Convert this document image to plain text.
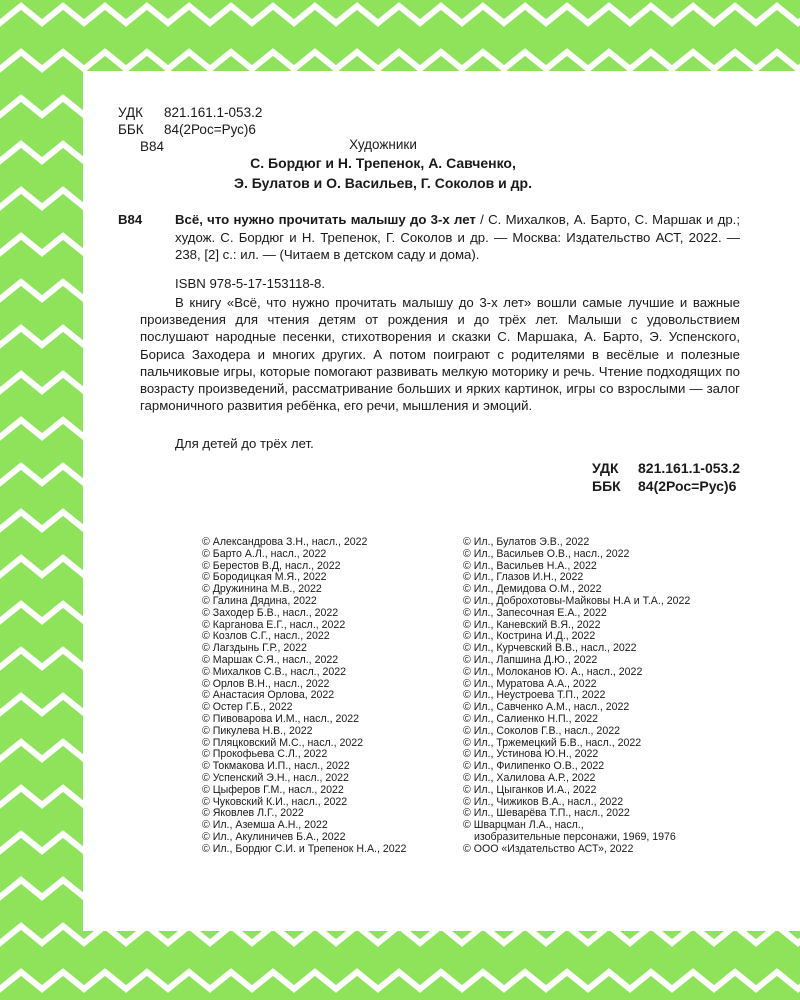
УДК 821.161.1-053.2
ББК 84(2Рос=Рус)6
В84	Художники
С. Бордюг и Н. Трепенок, А. Савченко,
Э. Булатов и О. Васильев, Г. Соколов и др.
В84 Всё, что нужно прочитать малышу до 3-х лет / С. Михалков, А. Барто, С. Маршак и др.; худож. С. Бордюг и Н. Трепенок, Г. Соколов и др. — Москва: Издательство АСТ, 2022. — 238, [2] с.: ил. — (Читаем в детском саду и дома).
ISBN 978-5-17-153118-8.

В книгу «Всё, что нужно прочитать малышу до 3-х лет» вошли самые лучшие и важные произведения для чтения детям от рождения и до трёх лет. Малыши с удовольствием послушают народные песенки, стихотворения и сказки С. Маршака, А. Барто, Э. Успенского, Бориса Заходера и многих других. А потом поиграют с родителями в весёлые и полезные пальчиковые игры, которые помогают развивать мелкую моторику и речь. Чтение подходящих по возрасту произведений, рассматривание больших и ярких картинок, игры со взрослыми — залог гармоничного развития ребёнка, его речи, мышления и эмоций.

Для детей до трёх лет.
УДК 821.161.1-053.2
ББК 84(2Рос=Рус)6
© Александрова З.Н., насл., 2022
© Барто А.Л., насл., 2022
© Берестов В.Д, насл., 2022
© Бородицкая М.Я., 2022
© Дружинина М.В., 2022
© Галина Дядина, 2022
© Заходер Б.В., насл., 2022
© Карганова Е.Г., насл., 2022
© Козлов С.Г., насл., 2022
© Лагздынь Г.Р., 2022
© Маршак С.Я., насл., 2022
© Михалков С.В., насл., 2022
© Орлов В.Н., насл., 2022
© Анастасия Орлова, 2022
© Остер Г.Б., 2022
© Пивоварова И.М., насл., 2022
© Пикулева Н.В., 2022
© Пляцковский М.С., насл., 2022
© Прокофьева С.Л., 2022
© Токмакова И.П., насл., 2022
© Успенский Э.Н., насл., 2022
© Цыферов Г.М., насл., 2022
© Чуковский К.И., насл., 2022
© Яковлев Л.Г., 2022
© Ил., Аземша А.Н., 2022
© Ил., Акулиничев Б.А., 2022
© Ил., Бордюг С.И. и Трепенок Н.А., 2022
© Ил., Булатов Э.В., 2022
© Ил., Васильев О.В., насл., 2022
© Ил., Васильев Н.А., 2022
© Ил., Глазов И.Н., 2022
© Ил., Демидова О.М., 2022
© Ил., Доброхотовы-Майковы Н.А и Т.А., 2022
© Ил., Запесочная Е.А., 2022
© Ил., Каневский В.Я., 2022
© Ил., Кострина И.Д., 2022
© Ил., Курчевский В.В., насл., 2022
© Ил., Лапшина Д.Ю., 2022
© Ил., Молоканов Ю. А., насл., 2022
© Ил., Муратова А.А., 2022
© Ил., Неустроева Т.П., 2022
© Ил., Савченко А.М., насл., 2022
© Ил., Салиенко Н.П., 2022
© Ил., Соколов Г.В., насл., 2022
© Ил., Тржемецкий Б.В., насл., 2022
© Ил., Устинова Ю.Н., 2022
© Ил., Филипенко О.В., 2022
© Ил., Халилова А.Р., 2022
© Ил., Цыганков И.А., 2022
© Ил., Чижиков В.А., насл., 2022
© Ил., Шеварёва Т.П., насл., 2022
© Шварцман Л.А., насл.,
изобразительные персонажи, 1969, 1976
© ООО «Издательство АСТ», 2022
